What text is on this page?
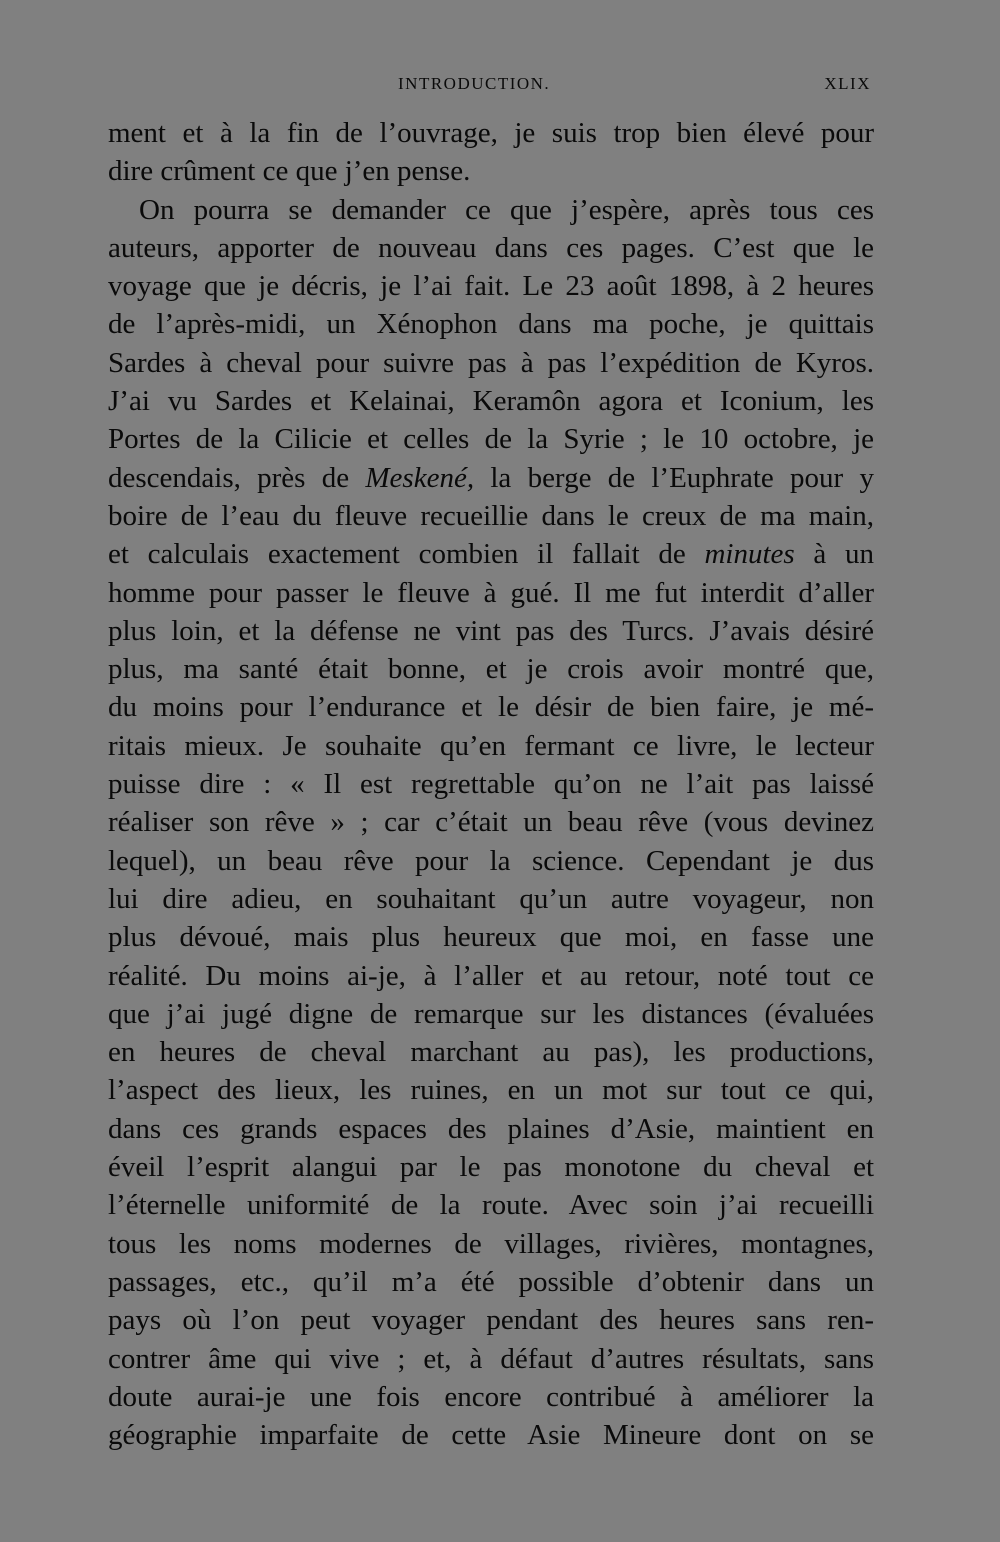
INTRODUCTION.	XLIX
ment et à la fin de l’ouvrage, je suis trop bien élevé pour
dire crûment ce que j’en pense.
On pourra se demander ce que j’espère, après tous ces
auteurs, apporter de nouveau dans ces pages. C’est que le
voyage que je décris, je l’ai fait. Le 23 août 1898, à 2 heures
de l’après-midi, un Xénophon dans ma poche, je quittais
Sardes à cheval pour suivre pas à pas l’expédition de Kyros.
J’ai vu Sardes et Kelainai, Keramôn agora et Iconium, les
Portes de la Cilicie et celles de la Syrie ; le 10 octobre, je
descendais, près de Meskené, la berge de l’Euphrate pour y
boire de l’eau du fleuve recueillie dans le creux de ma main,
et calculais exactement combien il fallait de minutes à un
homme pour passer le fleuve à gué. Il me fut interdit d’aller
plus loin, et la défense ne vint pas des Turcs. J’avais désiré
plus, ma santé était bonne, et je crois avoir montré que,
du moins pour l’endurance et le désir de bien faire, je mé-
ritais mieux. Je souhaite qu’en fermant ce livre, le lecteur
puisse dire : « Il est regrettable qu’on ne l’ait pas laissé
réaliser son rêve » ; car c’était un beau rêve (vous devinez
lequel), un beau rêve pour la science. Cependant je dus
lui dire adieu, en souhaitant qu’un autre voyageur, non
plus dévoué, mais plus heureux que moi, en fasse une
réalité. Du moins ai-je, à l’aller et au retour, noté tout ce
que j’ai jugé digne de remarque sur les distances (évaluées
en heures de cheval marchant au pas), les productions,
l’aspect des lieux, les ruines, en un mot sur tout ce qui,
dans ces grands espaces des plaines d’Asie, maintient en
éveil l’esprit alangui par le pas monotone du cheval et
l’éternelle uniformité de la route. Avec soin j’ai recueilli
tous les noms modernes de villages, rivières, montagnes,
passages, etc., qu’il m’a été possible d’obtenir dans un
pays où l’on peut voyager pendant des heures sans ren-
contrer âme qui vive ; et, à défaut d’autres résultats, sans
doute aurai-je une fois encore contribué à améliorer la
géographie imparfaite de cette Asie Mineure dont on se
